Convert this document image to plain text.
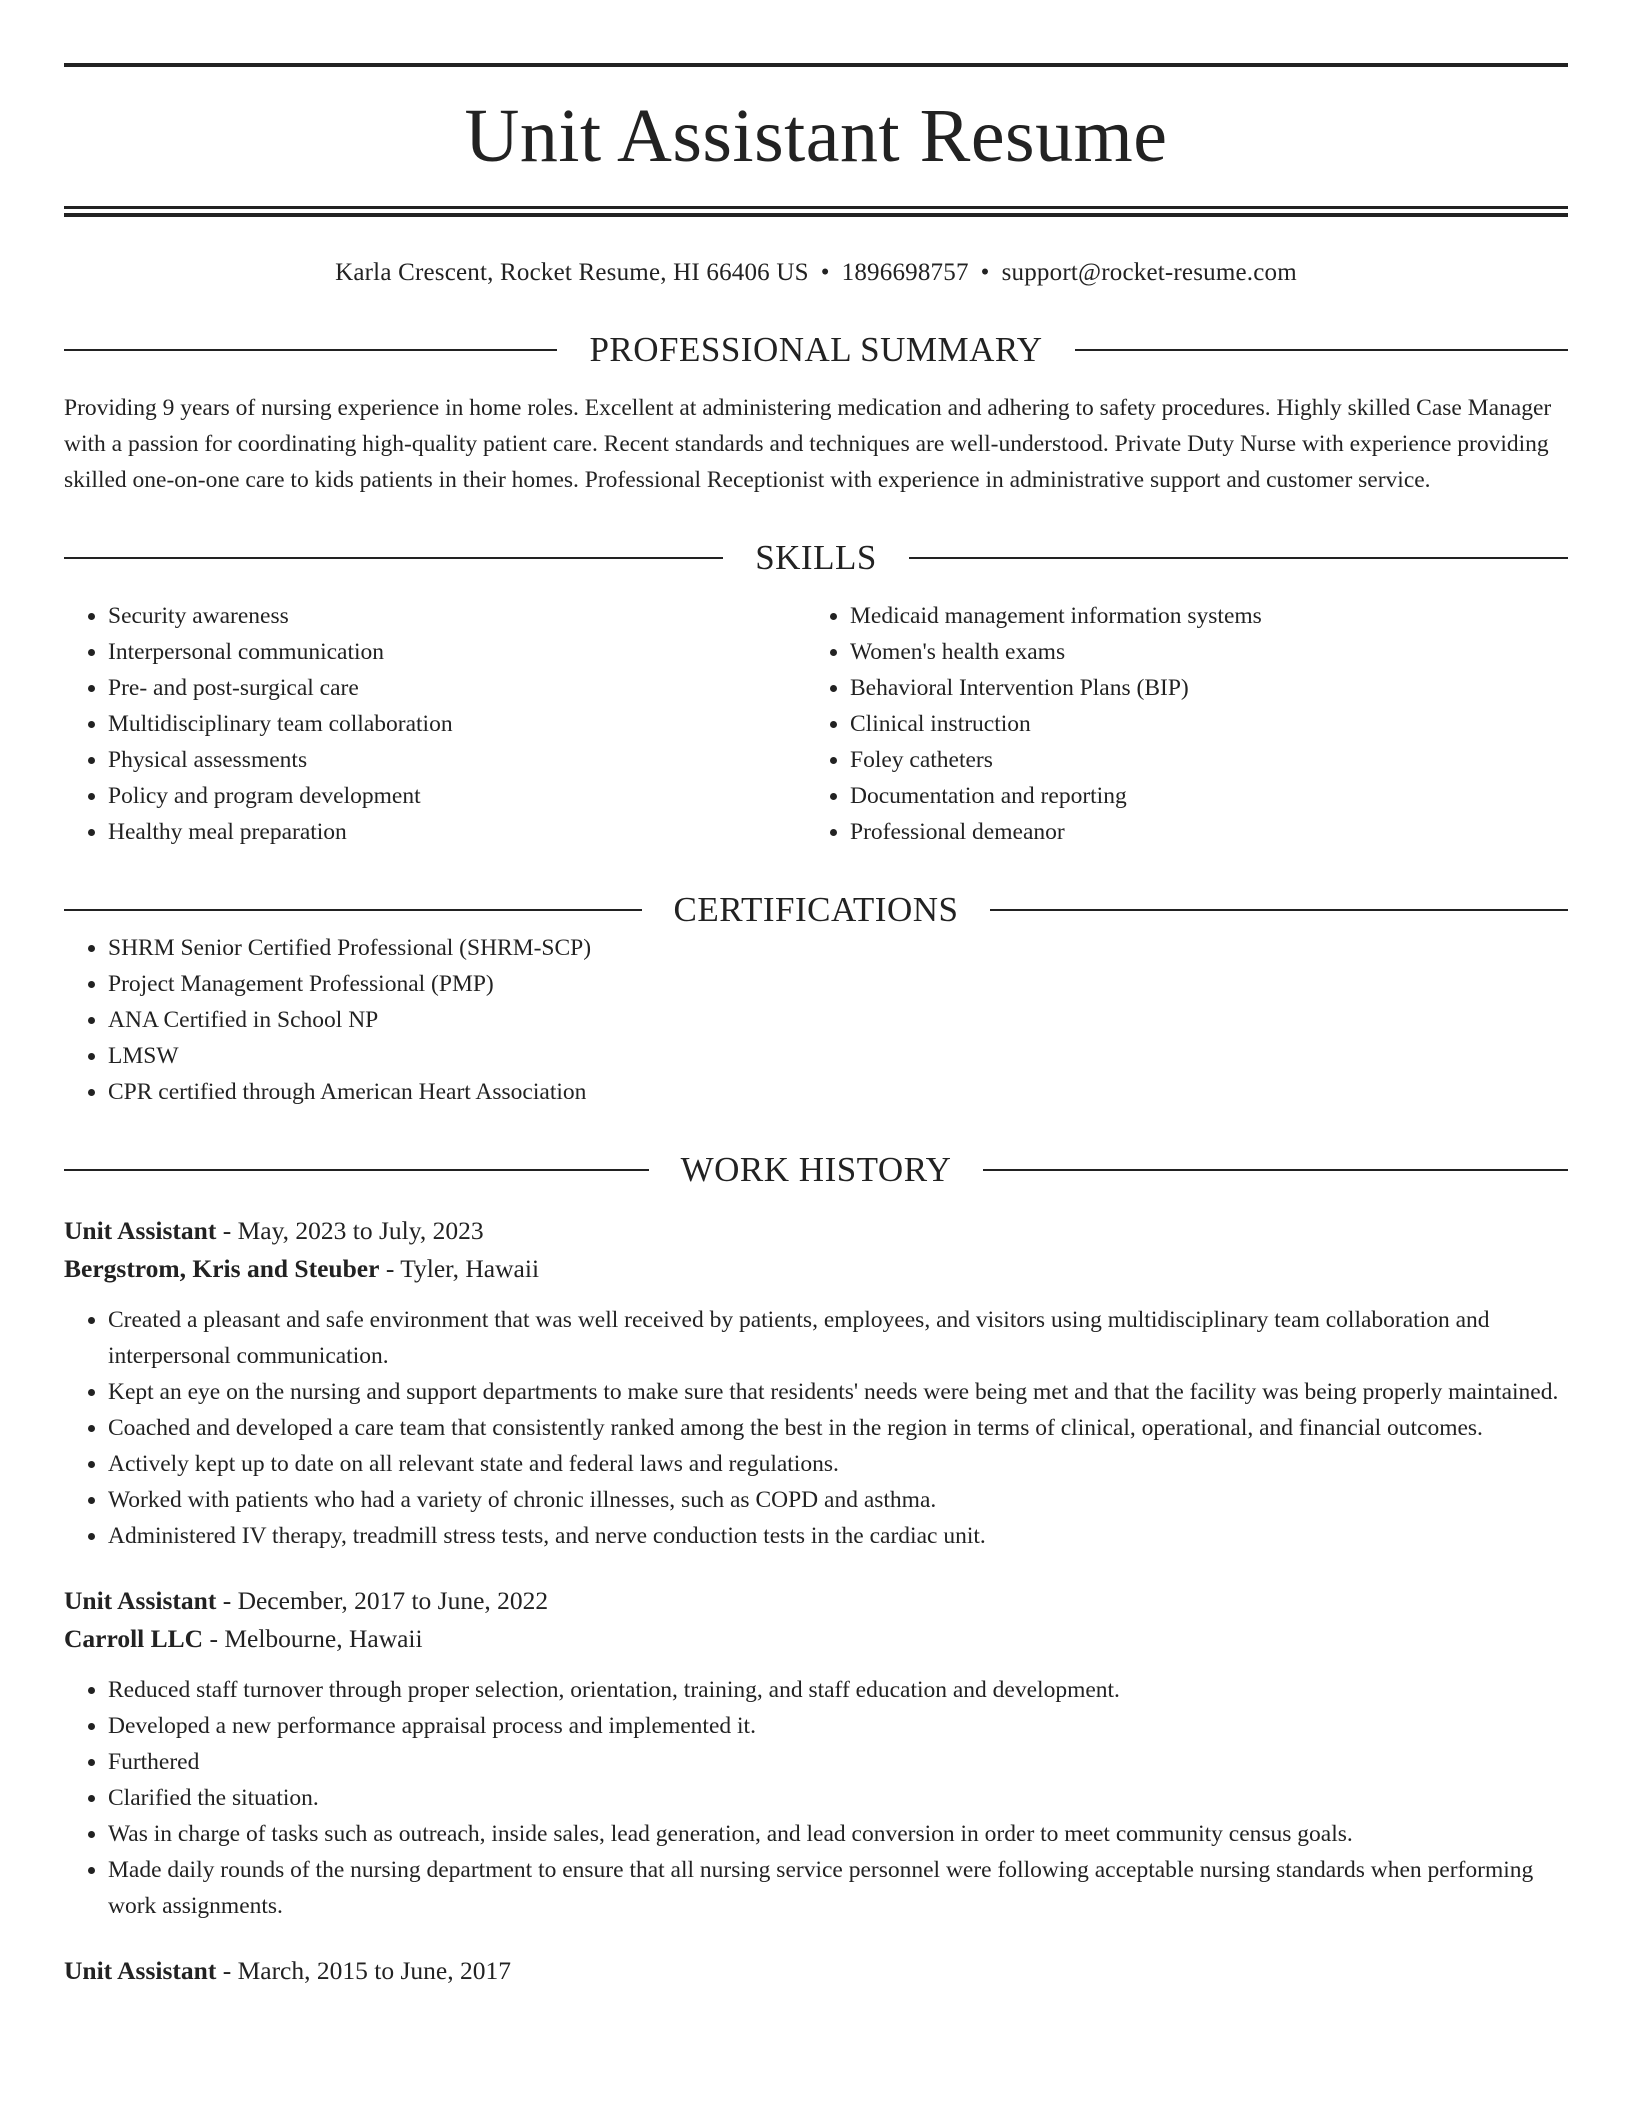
Unit Assistant Resume
Karla Crescent, Rocket Resume, HI 66406 US • 1896698757 • support@rocket-resume.com
PROFESSIONAL SUMMARY
Providing 9 years of nursing experience in home roles. Excellent at administering medication and adhering to safety procedures. Highly skilled Case Manager with a passion for coordinating high-quality patient care. Recent standards and techniques are well-understood. Private Duty Nurse with experience providing skilled one-on-one care to kids patients in their homes. Professional Receptionist with experience in administrative support and customer service.
SKILLS
• Security awareness
• Interpersonal communication
• Pre- and post-surgical care
• Multidisciplinary team collaboration
• Physical assessments
• Policy and program development
• Healthy meal preparation
• Medicaid management information systems
• Women's health exams
• Behavioral Intervention Plans (BIP)
• Clinical instruction
• Foley catheters
• Documentation and reporting
• Professional demeanor
CERTIFICATIONS
• SHRM Senior Certified Professional (SHRM-SCP)
• Project Management Professional (PMP)
• ANA Certified in School NP
• LMSW
• CPR certified through American Heart Association
WORK HISTORY
Unit Assistant - May, 2023 to July, 2023
Bergstrom, Kris and Steuber - Tyler, Hawaii
• Created a pleasant and safe environment that was well received by patients, employees, and visitors using multidisciplinary team collaboration and interpersonal communication.
• Kept an eye on the nursing and support departments to make sure that residents' needs were being met and that the facility was being properly maintained.
• Coached and developed a care team that consistently ranked among the best in the region in terms of clinical, operational, and financial outcomes.
• Actively kept up to date on all relevant state and federal laws and regulations.
• Worked with patients who had a variety of chronic illnesses, such as COPD and asthma.
• Administered IV therapy, treadmill stress tests, and nerve conduction tests in the cardiac unit.
Unit Assistant - December, 2017 to June, 2022
Carroll LLC - Melbourne, Hawaii
• Reduced staff turnover through proper selection, orientation, training, and staff education and development.
• Developed a new performance appraisal process and implemented it.
• Furthered
• Clarified the situation.
• Was in charge of tasks such as outreach, inside sales, lead generation, and lead conversion in order to meet community census goals.
• Made daily rounds of the nursing department to ensure that all nursing service personnel were following acceptable nursing standards when performing work assignments.
Unit Assistant - March, 2015 to June, 2017
